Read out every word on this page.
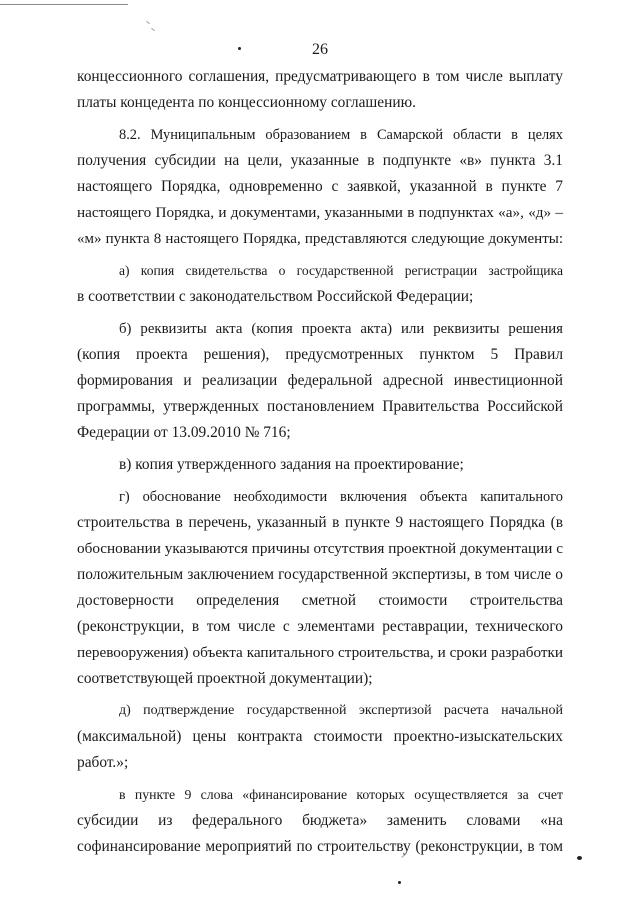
26

концессионного соглашения, предусматривающего в том числе выплату
платы концедента по концессионному соглашению.

8.2. Муниципальным образованием в Самарской области в целях
получения субсидии на цели, указанные в подпункте «в» пункта 3.1
настоящего Порядка, одновременно с заявкой, указанной в пункте 7
настоящего Порядка, и документами, указанными в подпунктах «а», «д» –
«м» пункта 8 настоящего Порядка, представляются следующие документы:

а) копия свидетельства о государственной регистрации застройщика
в соответствии с законодательством Российской Федерации;

б) реквизиты акта (копия проекта акта) или реквизиты решения
(копия проекта решения), предусмотренных пунктом 5 Правил
формирования и реализации федеральной адресной инвестиционной
программы, утвержденных постановлением Правительства Российской
Федерации от 13.09.2010 № 716;

в) копия утвержденного задания на проектирование;

г) обоснование необходимости включения объекта капитального
строительства в перечень, указанный в пункте 9 настоящего Порядка (в
обосновании указываются причины отсутствия проектной документации с
положительным заключением государственной экспертизы, в том числе о
достоверности определения сметной стоимости строительства
(реконструкции, в том числе с элементами реставрации, технического
перевооружения) объекта капитального строительства, и сроки разработки
соответствующей проектной документации);

д) подтверждение государственной экспертизой расчета начальной
(максимальной) цены контракта стоимости проектно-изыскательских
работ.»;

в пункте 9 слова «финансирование которых осуществляется за счет
субсидии из федерального бюджета» заменить словами «на
софинансирование мероприятий по строительству (реконструкции, в том
